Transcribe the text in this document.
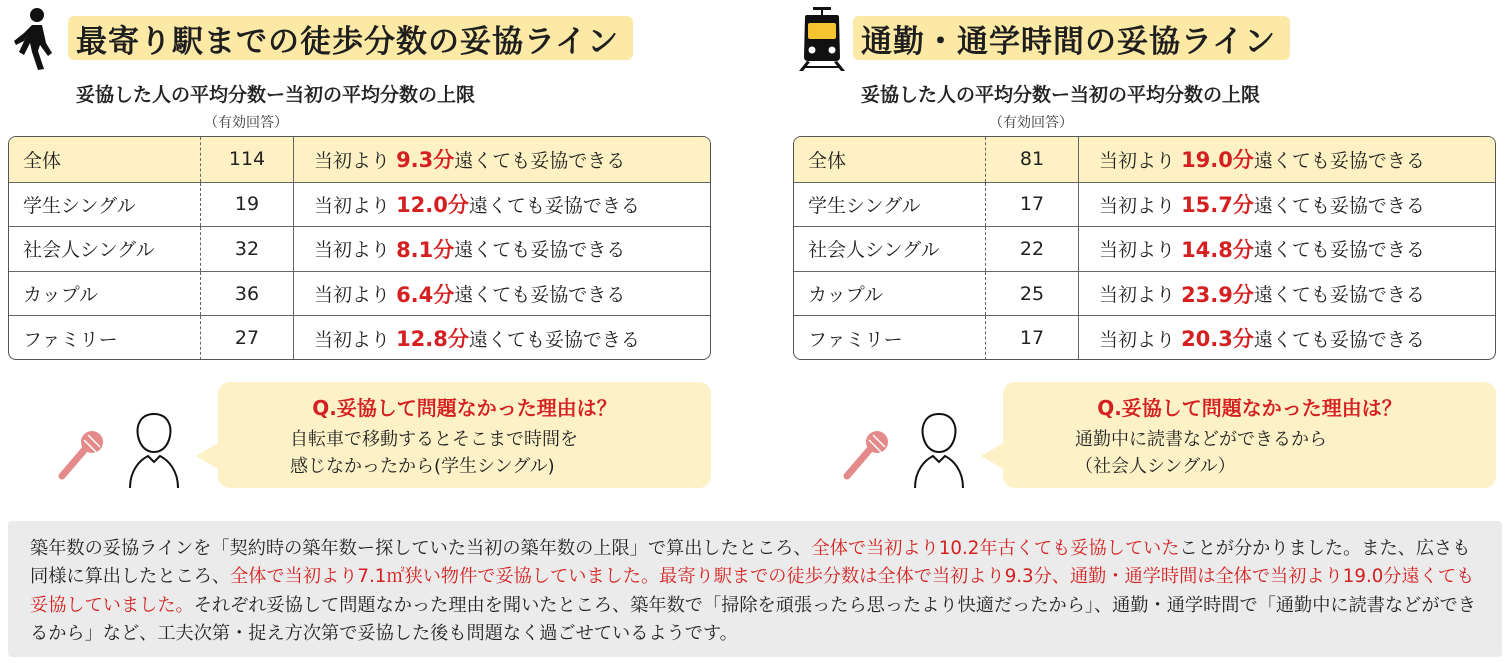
最寄り駅までの徒歩分数の妥協ライン
妥協した人の平均分数ー当初の平均分数の上限
（有効回答）
全体	114	当初より
9.3分 遠くても妥協できる
学生シングル	19	当初より
12.0分 遠くても妥協できる
社会人シングル	32	当初より
8.1分 遠くても妥協できる
カップル	36	当初より
6.4分 遠くても妥協できる
ファミリー	27	当初より
12.8分 遠くても妥協できる
Q.妥協して問題なかった理由は？
自転車で移動するとそこまで時間を
感じなかったから(学生シングル)
通勤・通学時間の妥協ライン
妥協した人の平均分数ー当初の平均分数の上限
（有効回答）
全体	81	当初より
19.0分 遠くても妥協できる
学生シングル	17	当初より
15.7分 遠くても妥協できる
社会人シングル	22	当初より
14.8分 遠くても妥協できる
カップル	25	当初より
23.9分 遠くても妥協できる
ファミリー	17	当初より
20.3分 遠くても妥協できる
Q.妥協して問題なかった理由は？
通勤中に読書などができるから
（社会人シングル）
築年数の妥協ラインを「契約時の築年数ー探していた当初の築年数の上限」で算出したところ、全体で当初より10.2年古くても妥協していたことが分かりました。また、広さも同様に算出したところ、全体で当初より7.1㎡狭い物件で妥協していました。最寄り駅までの徒歩分数は全体で当初より9.3分、通勤・通学時間は全体で当初より19.0分遠くても妥協していました。それぞれ妥協して問題なかった理由を聞いたところ、築年数で「掃除を頑張ったら思ったより快適だったから」、通勤・通学時間で「通勤中に読書などができるから」など、工夫次第・捉え方次第で妥協した後も問題なく過ごせているようです。
